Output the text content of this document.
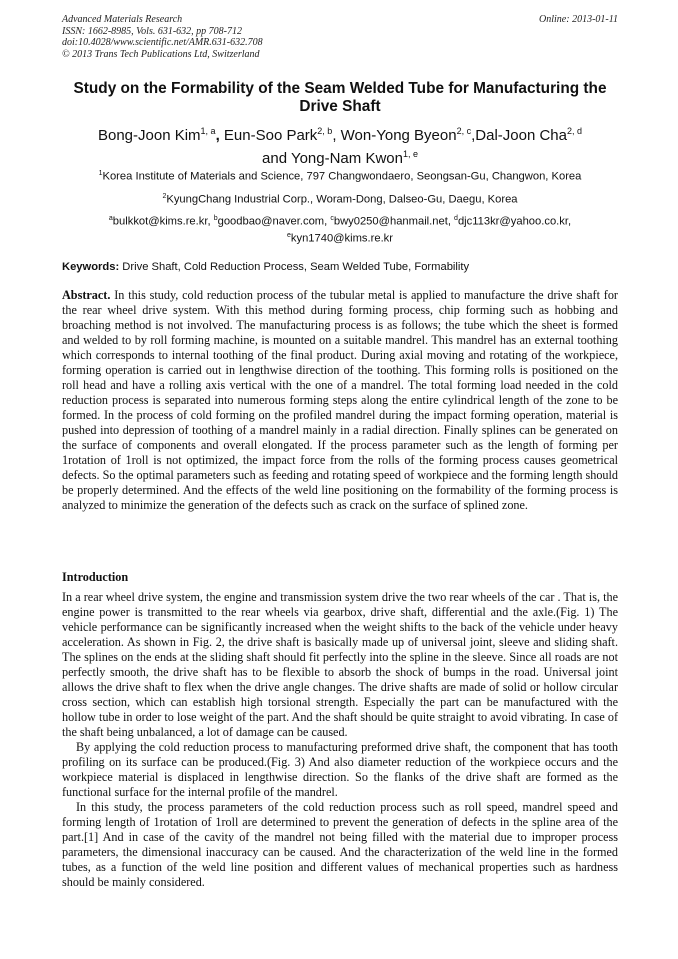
Advanced Materials Research
ISSN: 1662-8985, Vols. 631-632, pp 708-712
doi:10.4028/www.scientific.net/AMR.631-632.708
© 2013 Trans Tech Publications Ltd, Switzerland
Online: 2013-01-11
Study on the Formability of the Seam Welded Tube for Manufacturing the Drive Shaft
Bong-Joon Kim$^{1, a}$, Eun-Soo Park$^{2, b}$, Won-Yong Byeon$^{2, c}$,Dal-Joon Cha$^{2, d}$
and Yong-Nam Kwon$^{1, e}$
$^1$Korea Institute of Materials and Science, 797 Changwondaero, Seongsan-Gu, Changwon, Korea
$^2$KyungChang Industrial Corp., Woram-Dong, Dalseo-Gu, Daegu, Korea
$^a$bulkkot@kims.re.kr, $^b$goodbao@naver.com, $^c$bwy0250@hanmail.net, $^d$djc113kr@yahoo.co.kr,
$^e$kyn1740@kims.re.kr
Keywords: Drive Shaft, Cold Reduction Process, Seam Welded Tube, Formability

Abstract. In this study, cold reduction process of the tubular metal is applied to manufacture the drive shaft for the rear wheel drive system. With this method during forming process, chip forming such as hobbing and broaching method is not involved. The manufacturing process is as follows; the tube which the sheet is formed and welded to by roll forming machine, is mounted on a suitable mandrel. This mandrel has an external toothing which corresponds to internal toothing of the final product. During axial moving and rotating of the workpiece, forming operation is carried out in lengthwise direction of the toothing. This forming rolls is positioned on the roll head and have a rolling axis vertical with the one of a mandrel. The total forming load needed in the cold reduction process is separated into numerous forming steps along the entire cylindrical length of the zone to be formed. In the process of cold forming on the profiled mandrel during the impact forming operation, material is pushed into depression of toothing of a mandrel mainly in a radial direction. Finally splines can be generated on the surface of components and overall elongated. If the process parameter such as the length of forming per 1rotation of 1roll is not optimized, the impact force from the rolls of the forming process causes geometrical defects. So the optimal parameters such as feeding and rotating speed of workpiece and the forming length should be properly determined. And the effects of the weld line positioning on the formability of the forming process is analyzed to minimize the generation of the defects such as crack on the surface of splined zone.

Introduction

In a rear wheel drive system, the engine and transmission system drive the two rear wheels of the car . That is, the engine power is transmitted to the rear wheels via gearbox, drive shaft, differential and the axle.(Fig. 1) The vehicle performance can be significantly increased when the weight shifts to the back of the vehicle under heavy acceleration. As shown in Fig. 2, the drive shaft is basically made up of universal joint, sleeve and sliding shaft. The splines on the ends at the sliding shaft should fit perfectly into the spline in the sleeve. Since all roads are not perfectly smooth, the drive shaft has to be flexible to absorb the shock of bumps in the road. Universal joint allows the drive shaft to flex when the drive angle changes. The drive shafts are made of solid or hollow circular cross section, which can establish high torsional strength. Especially the part can be manufactured with the hollow tube in order to lose weight of the part. And the shaft should be quite straight to avoid vibrating. In case of the shaft being unbalanced, a lot of damage can be caused.

By applying the cold reduction process to manufacturing preformed drive shaft, the component that has tooth profiling on its surface can be produced.(Fig. 3) And also diameter reduction of the workpiece occurs and the workpiece material is displaced in lengthwise direction. So the flanks of the drive shaft are formed as the functional surface for the internal profile of the mandrel.

In this study, the process parameters of the cold reduction process such as roll speed, mandrel speed and forming length of 1rotation of 1roll are determined to prevent the generation of defects in the spline area of the part.[1] And in case of the cavity of the mandrel not being filled with the material due to improper process parameters, the dimensional inaccuracy can be caused. And the characterization of the weld line in the formed tubes, as a function of the weld line position and different values of mechanical properties such as hardness should be mainly considered.
